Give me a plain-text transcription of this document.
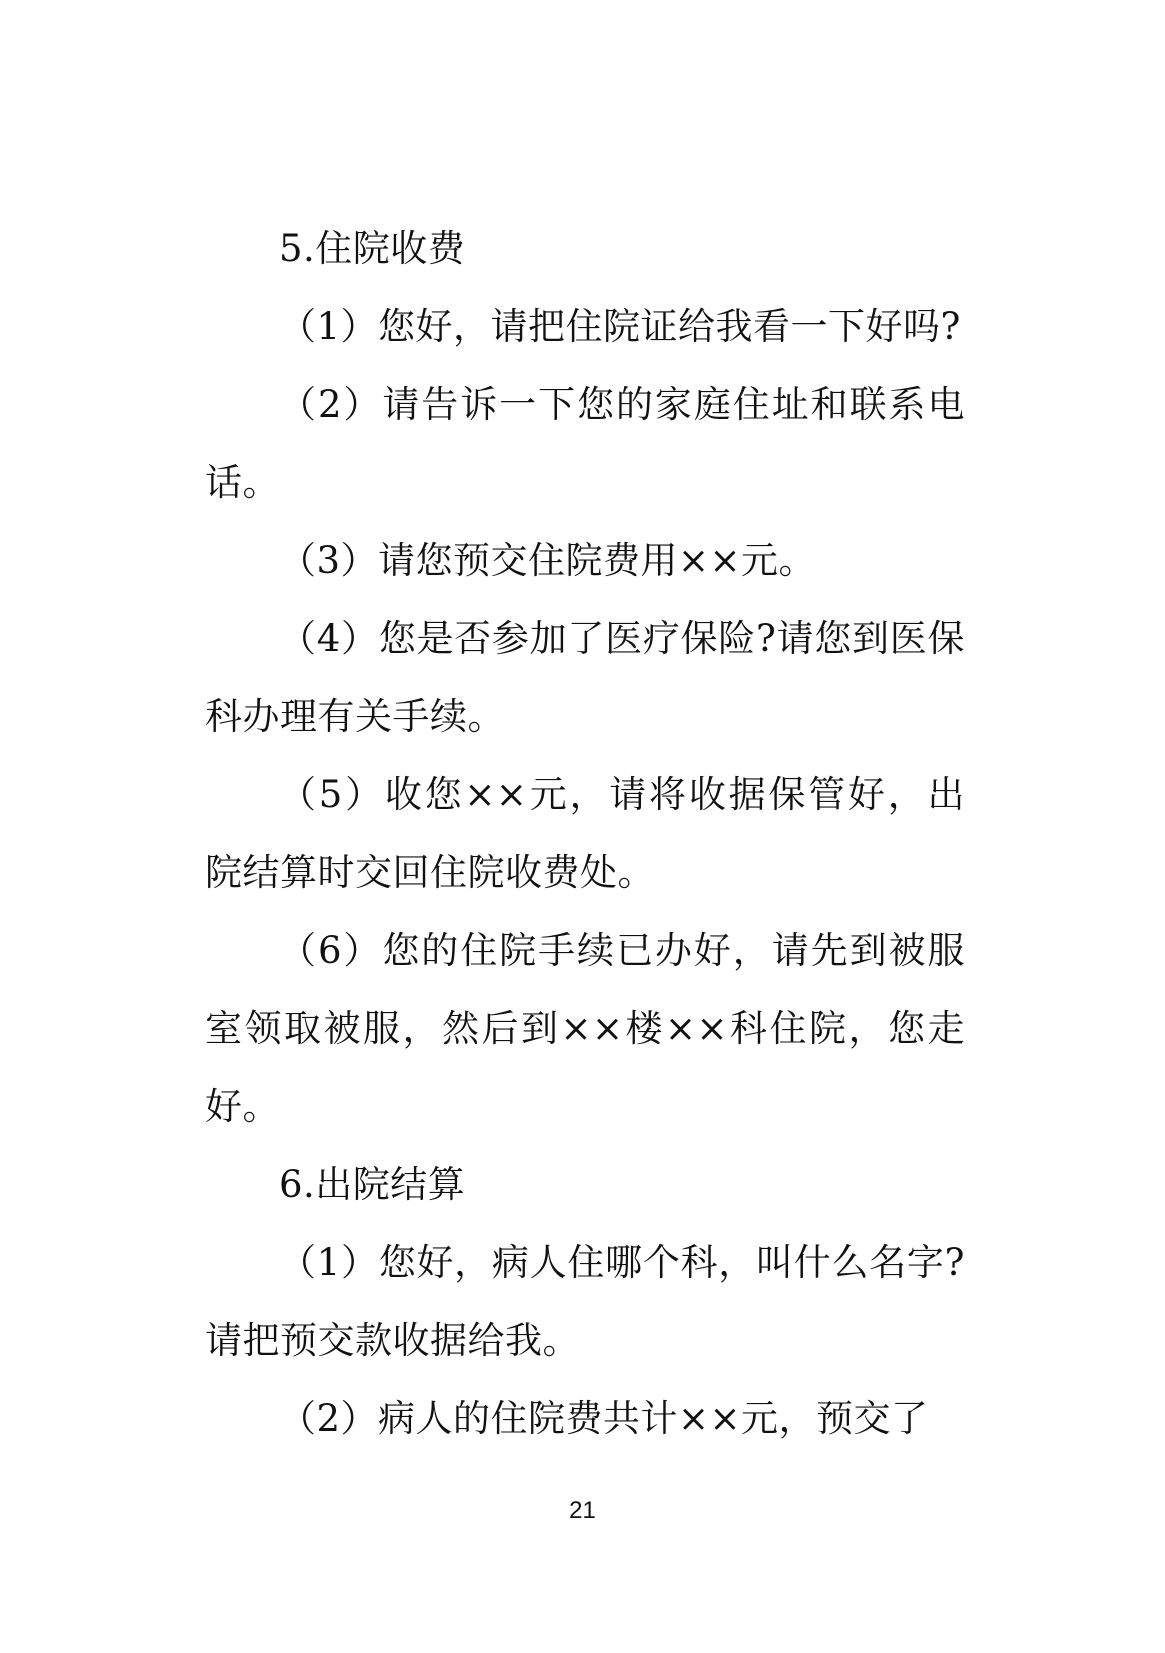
5.住院收费

（1）您好，请把住院证给我看一下好吗?

（2）请告诉一下您的家庭住址和联系电话。

（3）请您预交住院费用××元。

（4）您是否参加了医疗保险?请您到医保科办理有关手续。

（5）收您××元，请将收据保管好，出院结算时交回住院收费处。

（6）您的住院手续已办好，请先到被服室领取被服，然后到××楼××科住院，您走好。

6.出院结算

（1）您好，病人住哪个科，叫什么名字?请把预交款收据给我。

（2）病人的住院费共计××元，预交了

21
